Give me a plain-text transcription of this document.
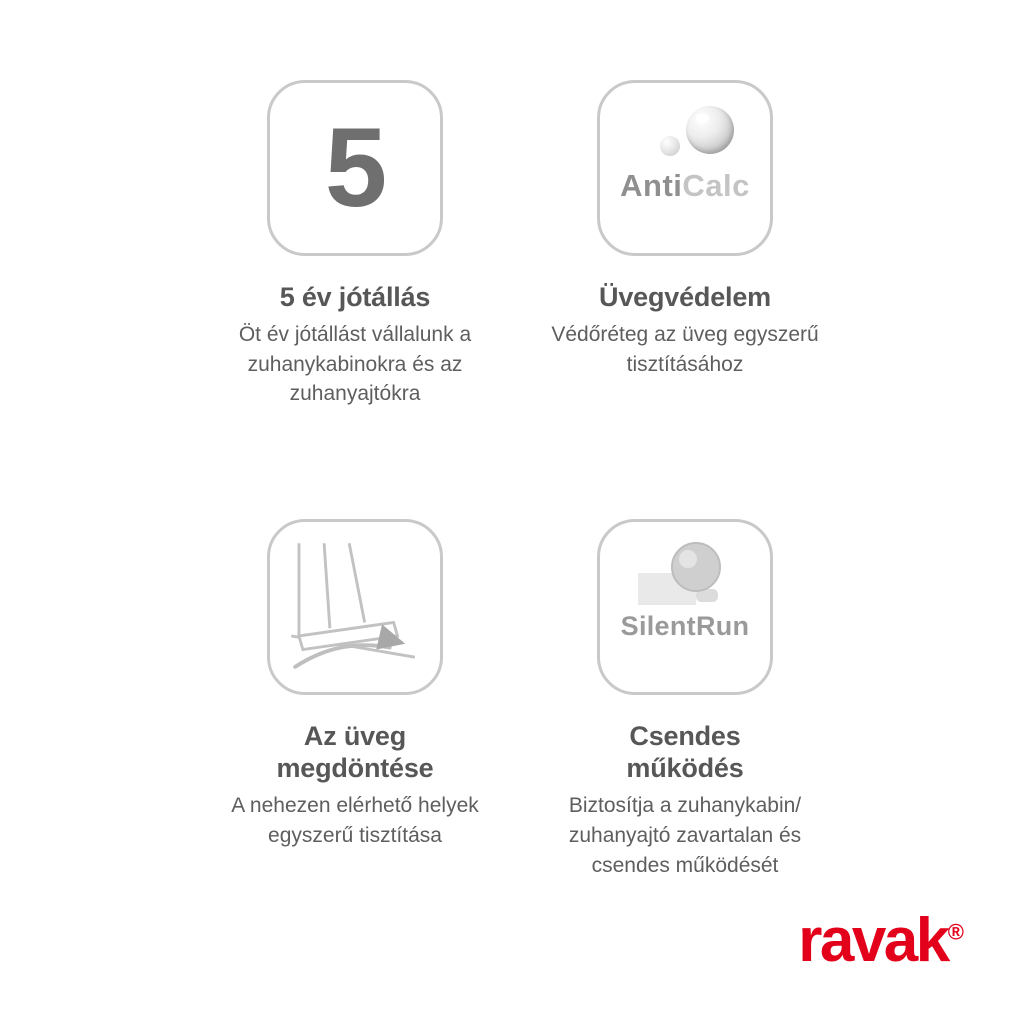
5
5 év jótállás
Öt év jótállást vállalunk a zuhanykabinokra és az zuhanyajtókra
AntiCalc
Üvegvédelem
Védőréteg az üveg egyszerű tisztításához
Az üveg
megdöntése
A nehezen elérhető helyek egyszerű tisztítása
SilentRun
Csendes
működés
Biztosítja a zuhanykabin/ zuhanyajtó zavartalan és csendes működését
ravak®
